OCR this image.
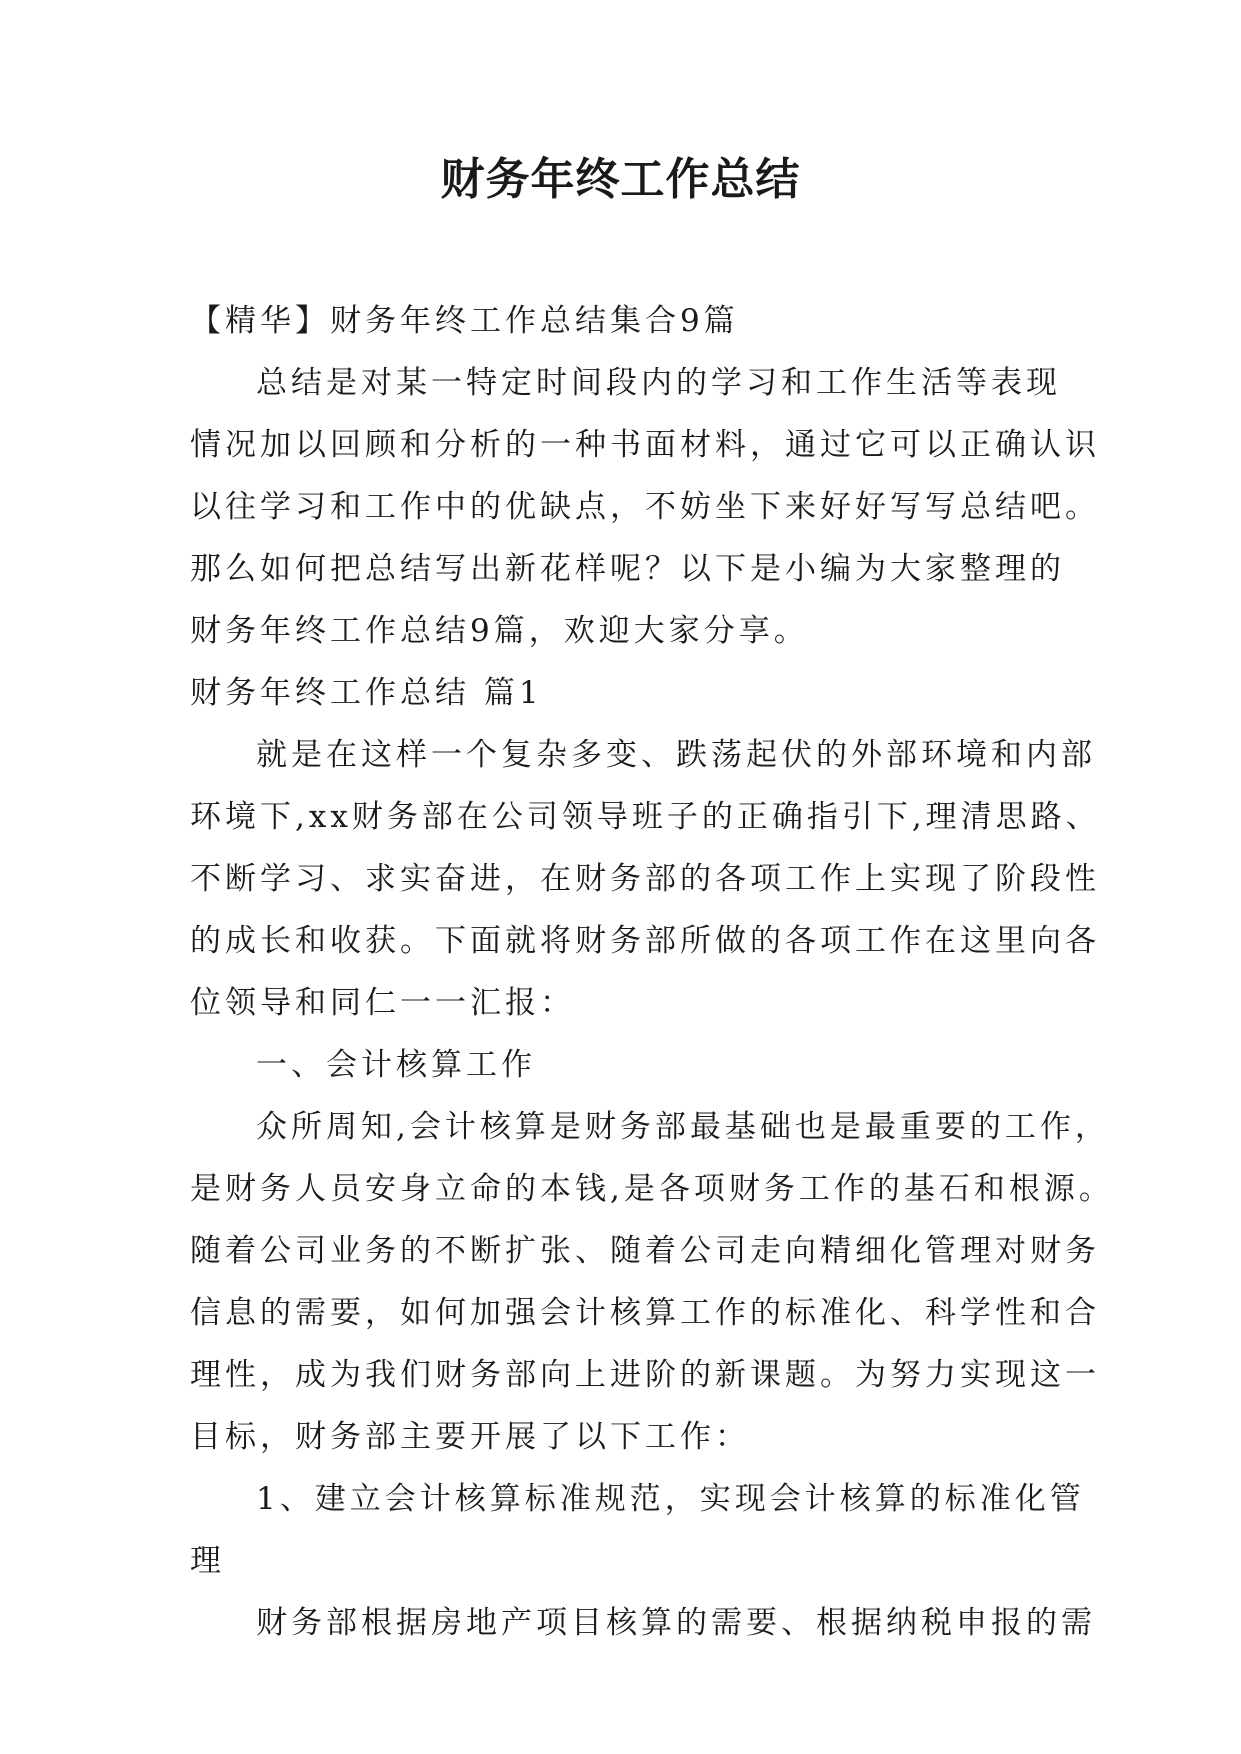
财务年终工作总结
【精华】财务年终工作总结集合9篇
总结是对某一特定时间段内的学习和工作生活等表现
情况加以回顾和分析的一种书面材料，通过它可以正确认识
以往学习和工作中的优缺点，不妨坐下来好好写写总结吧。
那么如何把总结写出新花样呢？以下是小编为大家整理的
财务年终工作总结9篇，欢迎大家分享。
财务年终工作总结 篇1
就是在这样一个复杂多变、跌荡起伏的外部环境和内部
环境下,xx财务部在公司领导班子的正确指引下,理清思路、
不断学习、求实奋进，在财务部的各项工作上实现了阶段性
的成长和收获。下面就将财务部所做的各项工作在这里向各
位领导和同仁一一汇报：
一、会计核算工作
众所周知,会计核算是财务部最基础也是最重要的工作，
是财务人员安身立命的本钱,是各项财务工作的基石和根源。
随着公司业务的不断扩张、随着公司走向精细化管理对财务
信息的需要，如何加强会计核算工作的标准化、科学性和合
理性，成为我们财务部向上进阶的新课题。为努力实现这一
目标，财务部主要开展了以下工作：
1、建立会计核算标准规范，实现会计核算的标准化管
理
财务部根据房地产项目核算的需要、根据纳税申报的需
